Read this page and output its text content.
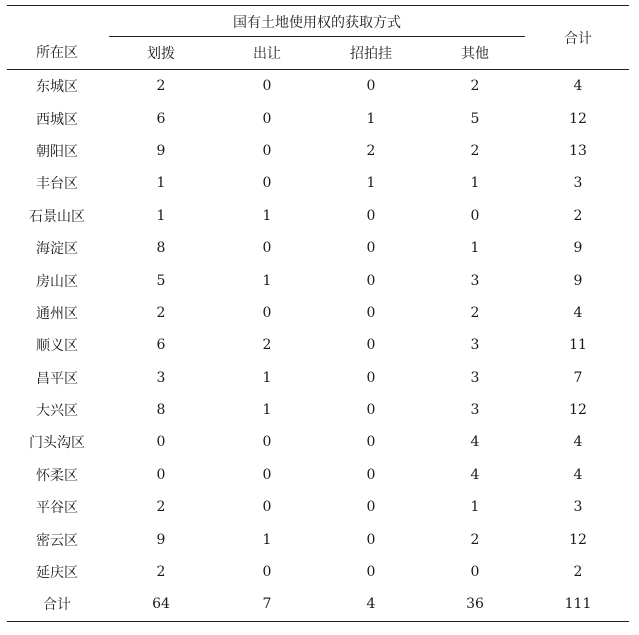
所在区	国有土地使用权的获取方式				合计
	划拨	出让	招拍挂	其他	
东城区	2	0	0	2	4
西城区	6	0	1	5	12
朝阳区	9	0	2	2	13
丰台区	1	0	1	1	3
石景山区	1	1	0	0	2
海淀区	8	0	0	1	9
房山区	5	1	0	3	9
通州区	2	0	0	2	4
顺义区	6	2	0	3	11
昌平区	3	1	0	3	7
大兴区	8	1	0	3	12
门头沟区	0	0	0	4	4
怀柔区	0	0	0	4	4
平谷区	2	0	0	1	3
密云区	9	1	0	2	12
延庆区	2	0	0	0	2
合计	64	7	4	36	111
